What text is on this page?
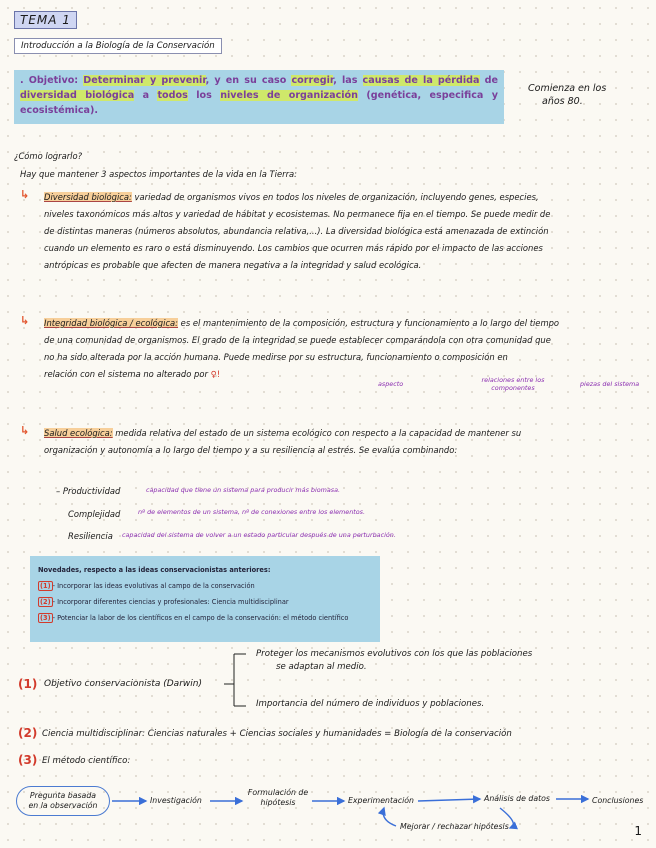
TEMA 1
Introducción a la Biología de la Conservación
. Objetivo: Determinar y prevenir, y en su caso corregir, las causas de la pérdida de diversidad biológica a todos los niveles de organización (genética, especifica y ecosistémica).
Comienza en los
años 80.
¿Cómo lograrlo?
Hay que mantener 3 aspectos importantes de la vida en la Tierra:
↳ Diversidad biológica: variedad de organismos vivos en todos los niveles de organización, incluyendo genes, especies,
niveles taxonómicos más altos y variedad de hábitat y ecosistemas. No permanece fija en el tiempo. Se puede medir de
de distintas maneras (números absolutos, abundancia relativa,...). La diversidad biológica está amenazada de extinción
cuando un elemento es raro o está disminuyendo. Los cambios que ocurren más rápido por el impacto de las acciones
antrópicas es probable que afecten de manera negativa a la integridad y salud ecológica.
↳ Integridad biológica / ecológica: es el mantenimiento de la composición, estructura y funcionamiento a lo largo del tiempo
de una comunidad de organismos. El grado de la integridad se puede establecer comparándola con otra comunidad que
no ha sido alterada por la acción humana. Puede medirse por su estructura, funcionamiento o composición en
relación con el sistema no alterado por ♀!
aspecto	relaciones entre los componentes	piezas del sistema
↳ Salud ecológica: medida relativa del estado de un sistema ecológico con respecto a la capacidad de mantener su
organización y autonomía a lo largo del tiempo y a su resiliencia al estrés. Se evalúa combinando:
– Productividad	capacidad que tiene un sistema para producir más biomasa.
Complejidad	nº de elementos de un sistema, nº de conexiones entre los elementos.
Resiliencia capacidad del sistema de volver a un estado particular después de una perturbación.
Novedades, respecto a las ideas conservacionistas anteriores:
(1) - Incorporar las ideas evolutivas al campo de la conservación
(2) - Incorporar diferentes ciencias y profesionales: Ciencia multidisciplinar
(3) - Potenciar la labor de los científicos en el campo de la conservación: el método científico
(1) Objetivo conservacionista (Darwin)
Proteger los mecanismos evolutivos con los que las poblaciones
se adaptan al medio.
Importancia del número de individuos y poblaciones.
(2) Ciencia multidisciplinar: Ciencias naturales + Ciencias sociales y humanidades = Biología de la conservación
(3) El método científico:
Pregunta basada en la observación
Investigación
Formulación de hipótesis	Experimentación	Análisis de datos	Conclusiones
Mejorar / rechazar hipótesis	1
